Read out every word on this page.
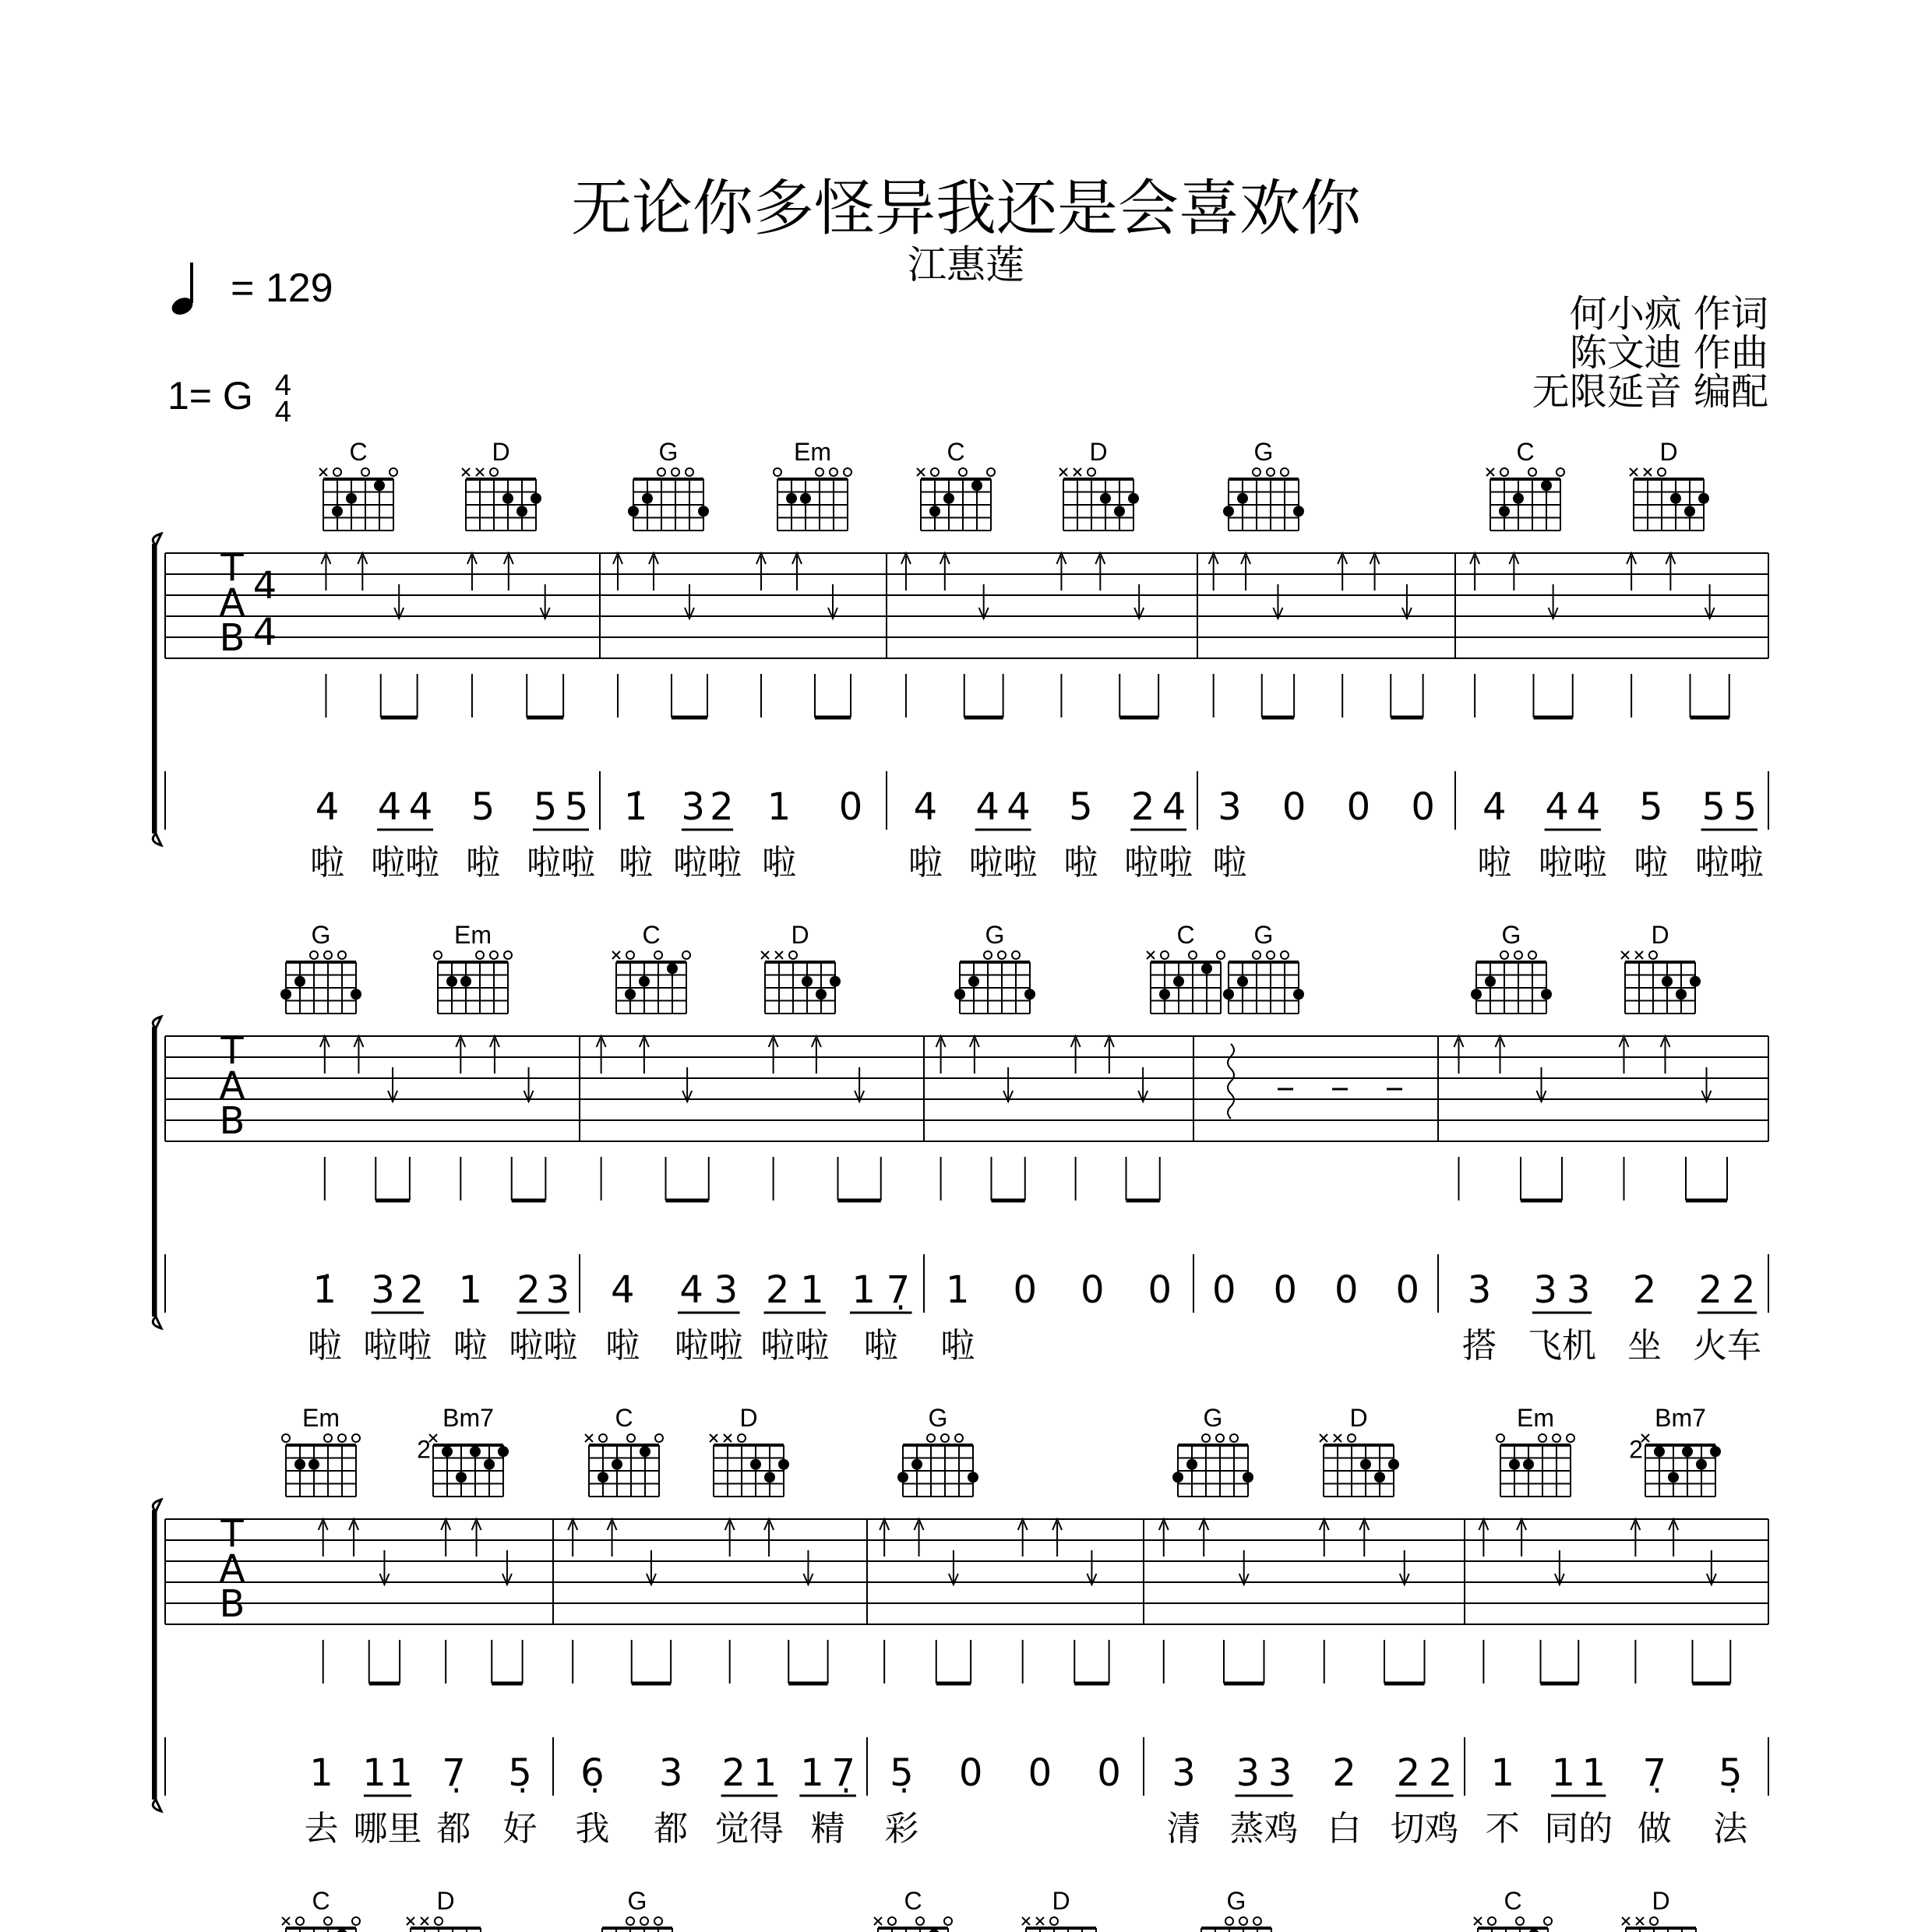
无论你多怪异我还是会喜欢你
江惠莲
= 129
1= G 4
4
何小疯 作词
陈文迪 作曲
无限延音 编配
C	D	G	Em	C	D	G	C	D
T
A
B
4
4
4 4 4 5 5 5
啦 啦啦 啦 啦啦
1̇ 3 2 1 0
啦 啦啦 啦
4 4 4 5 2 4
啦 啦啦 啦 啦啦
3 0 0 0
啦
4 4 4 5 5 5
啦 啦啦 啦 啦啦
G	Em	C	D	G	C G	G	D
T
A
B
1̇ 3 2 1 2 3
啦 啦啦 啦 啦啦
4 4 3 2 1 1 7̣
啦 啦啦 啦啦 啦
1 0 0 0
啦
0 0 0 0 3 3 3 2 2 2
搭 飞机 坐 火车
Em	Bm7
2
C	D	G	G	D	Em	Bm7
2
T
A
B
1 1 1 7̣ 5̣
去 哪里 都 好
6̣ 3 2 1 1 7̣
我 都 觉得 精
5̣ 0 0 0
彩
3 3 3 2 2 2
清 蒸鸡 白 切鸡
1 1 1 7̣ 5̣
不 同的 做 法
C	D	G	C	D	G	C	D
